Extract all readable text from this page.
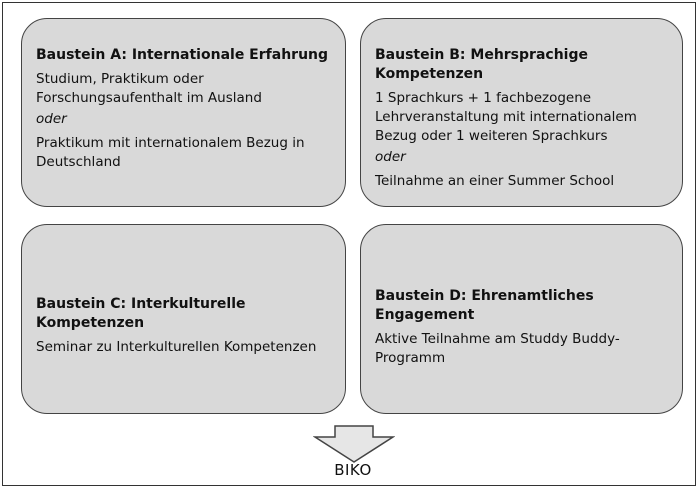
Baustein A: Internationale Erfahrung

Studium, Praktikum oder

Forschungsaufenthalt im Ausland

oder

Praktikum mit internationalem Bezug in

Deutschland

Baustein B: Mehrsprachige Kompetenzen

1 Sprachkurs + 1 fachbezogene

Lehrveranstaltung mit internationalem

Bezug oder 1 weiteren Sprachkurs

oder

Teilnahme an einer Summer School

Baustein C: Interkulturelle Kompetenzen

Seminar zu Interkulturellen Kompetenzen

Baustein D: Ehrenamtliches Engagement

Aktive Teilnahme am Studdy Buddy-

Programm

BIKO
